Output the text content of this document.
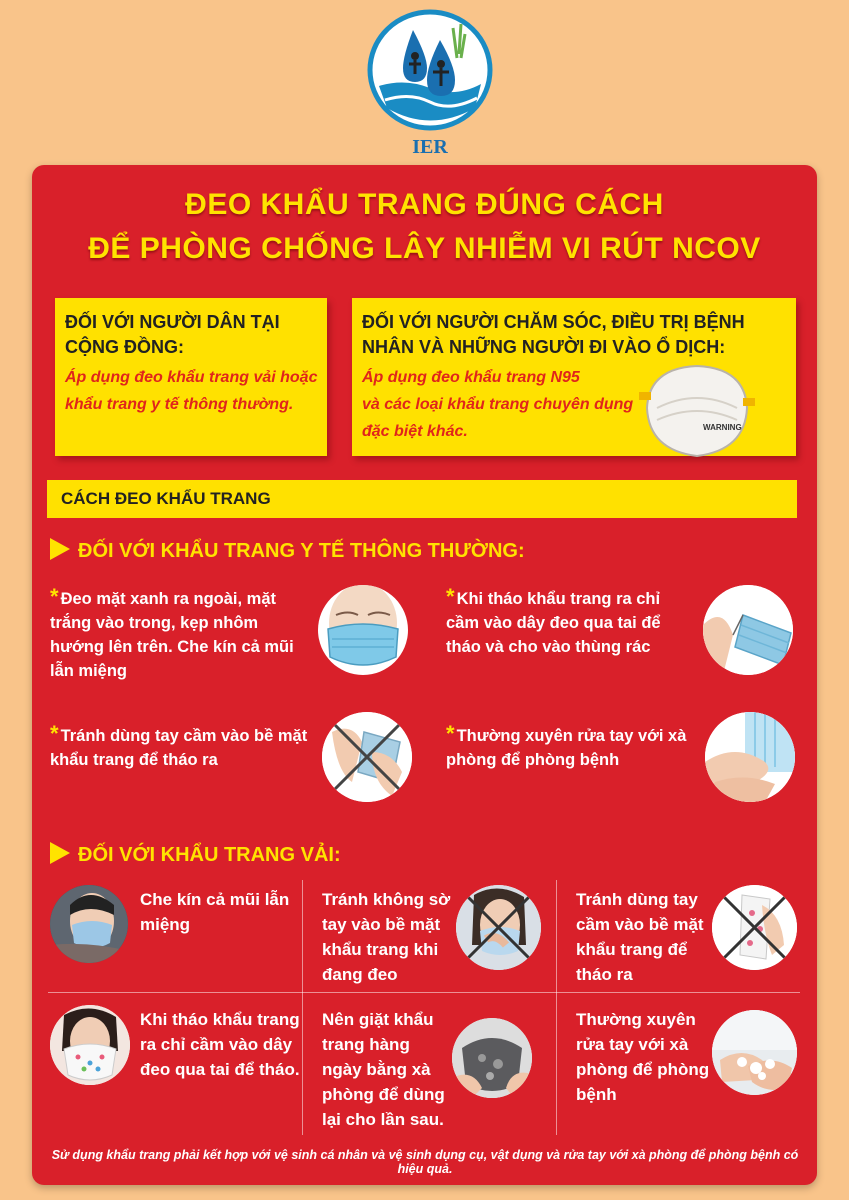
IER
ĐEO KHẨU TRANG ĐÚNG CÁCH
ĐỂ PHÒNG CHỐNG LÂY NHIỄM VI RÚT NCOV
ĐỐI VỚI NGƯỜI DÂN TẠI CỘNG ĐỒNG:
Áp dụng đeo khẩu trang vải hoặc khẩu trang y tế thông thường.
ĐỐI VỚI NGƯỜI CHĂM SÓC, ĐIỀU TRỊ BỆNH NHÂN VÀ NHỮNG NGƯỜI ĐI VÀO Ổ DỊCH:
Áp dụng đeo khẩu trang N95
và các loại khẩu trang chuyên dụng
đặc biệt khác.	WARNING
CÁCH ĐEO KHẨU TRANG
ĐỐI VỚI KHẨU TRANG Y TẾ THÔNG THƯỜNG:
* Đeo mặt xanh ra ngoài, mặt trắng vào trong, kẹp nhôm hướng lên trên. Che kín cả mũi lẫn miệng
* Khi tháo khẩu trang ra chỉ cầm vào dây đeo qua tai để tháo và cho vào thùng rác
* Tránh dùng tay cầm vào bề mặt khẩu trang để tháo ra
* Thường xuyên rửa tay với xà phòng để phòng bệnh
ĐỐI VỚI KHẨU TRANG VẢI:
Che kín cả mũi lẫn miệng
Tránh không sờ tay vào bề mặt khẩu trang khi đang đeo
Tránh dùng tay cầm vào bề mặt khẩu trang để tháo ra
Khi tháo khẩu trang ra chỉ cầm vào dây đeo qua tai để tháo.
Nên giặt khẩu trang hàng ngày bằng xà phòng để dùng lại cho lần sau.
Thường xuyên rửa tay với xà phòng để phòng bệnh
Sử dụng khẩu trang phải kết hợp với vệ sinh cá nhân và vệ sinh dụng cụ, vật dụng và rửa tay với xà phòng để phòng bệnh có hiệu quả.
